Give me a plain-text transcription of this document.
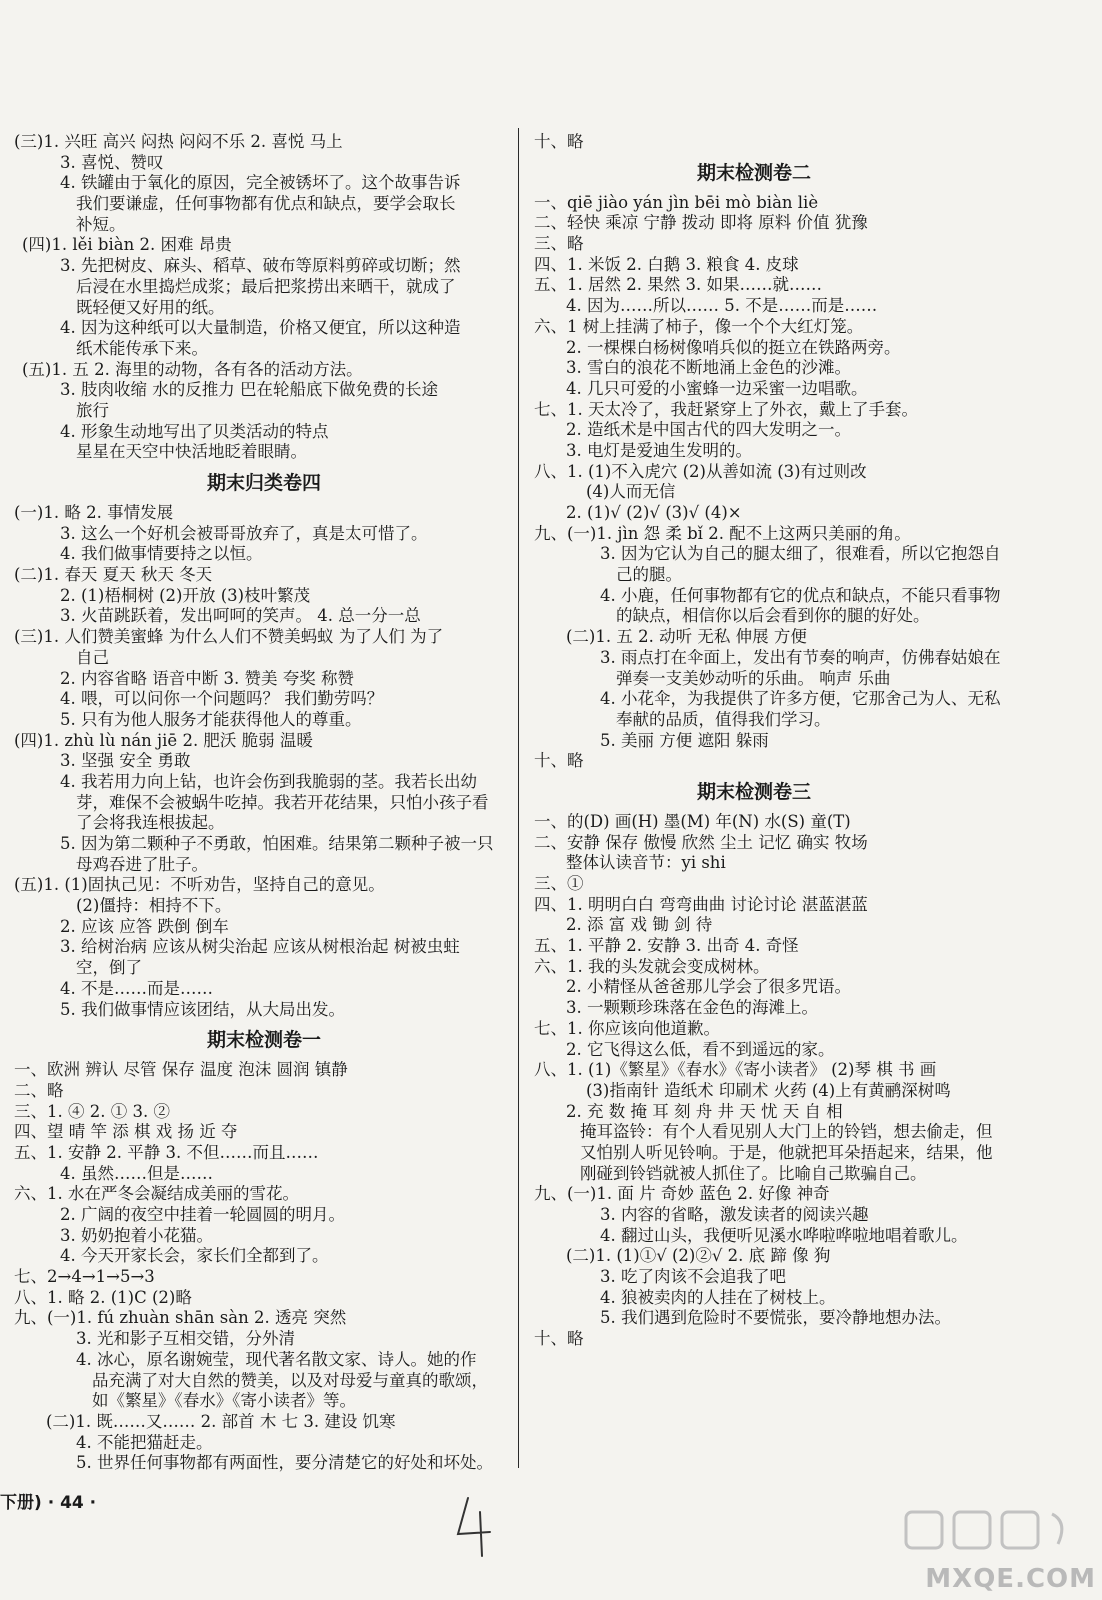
(三)1. 兴旺 高兴 闷热 闷闷不乐 2. 喜悦 马上
3. 喜悦、赞叹
4. 铁罐由于氧化的原因，完全被锈坏了。这个故事告诉
我们要谦虚，任何事物都有优点和缺点，要学会取长
补短。
(四)1. lěi biàn 2. 困难 昂贵
3. 先把树皮、麻头、稻草、破布等原料剪碎或切断；然
后浸在水里捣烂成浆；最后把浆捞出来晒干，就成了
既轻便又好用的纸。
4. 因为这种纸可以大量制造，价格又便宜，所以这种造
纸术能传承下来。
(五)1. 五 2. 海里的动物，各有各的活动方法。
3. 肢肉收缩 水的反推力 巴在轮船底下做免费的长途
旅行
4. 形象生动地写出了贝类活动的特点
星星在天空中快活地眨着眼睛。
期末归类卷四
(一)1. 略 2. 事情发展
3. 这么一个好机会被哥哥放弃了，真是太可惜了。
4. 我们做事情要持之以恒。
(二)1. 春天 夏天 秋天 冬天
2. (1)梧桐树 (2)开放 (3)枝叶繁茂
3. 火苗跳跃着，发出呵呵的笑声。 4. 总一分一总
(三)1. 人们赞美蜜蜂 为什么人们不赞美蚂蚁 为了人们 为了
自己
2. 内容省略 语音中断 3. 赞美 夸奖 称赞
4. 喂，可以问你一个问题吗？ 我们勤劳吗？
5. 只有为他人服务才能获得他人的尊重。
(四)1. zhù lù nán jiē 2. 肥沃 脆弱 温暖
3. 坚强 安全 勇敢
4. 我若用力向上钻，也许会伤到我脆弱的茎。我若长出幼
芽，难保不会被蜗牛吃掉。我若开花结果，只怕小孩子看
了会将我连根拔起。
5. 因为第二颗种子不勇敢，怕困难。结果第二颗种子被一只
母鸡吞进了肚子。
(五)1. (1)固执己见：不听劝告，坚持自己的意见。
(2)僵持：相持不下。
2. 应该 应答 跌倒 倒车
3. 给树治病 应该从树尖治起 应该从树根治起 树被虫蛀
空，倒了
4. 不是……而是……
5. 我们做事情应该团结，从大局出发。
期末检测卷一
一、欧洲 辨认 尽管 保存 温度 泡沫 圆润 镇静
二、略
三、1. ④ 2. ① 3. ②
四、望 晴 竿 添 棋 戏 扬 近 夺
五、1. 安静 2. 平静 3. 不但……而且……
4. 虽然……但是……
六、1. 水在严冬会凝结成美丽的雪花。
2. 广阔的夜空中挂着一轮圆圆的明月。
3. 奶奶抱着小花猫。
4. 今天开家长会，家长们全都到了。
七、2→4→1→5→3
八、1. 略 2. (1)C (2)略
九、(一)1. fú zhuàn shān sàn 2. 透亮 突然
3. 光和影子互相交错，分外清
4. 冰心，原名谢婉莹，现代著名散文家、诗人。她的作
品充满了对大自然的赞美，以及对母爱与童真的歌颂，
如《繁星》《春水》《寄小读者》等。
(二)1. 既……又…… 2. 部首 木 七 3. 建设 饥寒
4. 不能把猫赶走。
5. 世界任何事物都有两面性，要分清楚它的好处和坏处。
十、略
期末检测卷二
一、qiē jiào yán jìn bēi mò biàn liè
二、轻快 乘凉 宁静 拨动 即将 原料 价值 犹豫
三、略
四、1. 米饭 2. 白鹅 3. 粮食 4. 皮球
五、1. 居然 2. 果然 3. 如果……就……
4. 因为……所以…… 5. 不是……而是……
六、1 树上挂满了柿子，像一个个大红灯笼。
2. 一棵棵白杨树像哨兵似的挺立在铁路两旁。
3. 雪白的浪花不断地涌上金色的沙滩。
4. 几只可爱的小蜜蜂一边采蜜一边唱歌。
七、1. 天太冷了，我赶紧穿上了外衣，戴上了手套。
2. 造纸术是中国古代的四大发明之一。
3. 电灯是爱迪生发明的。
八、1. (1)不入虎穴 (2)从善如流 (3)有过则改
(4)人而无信
2. (1)√ (2)√ (3)√ (4)×
九、(一)1. jìn 怨 柔 bǐ 2. 配不上这两只美丽的角。
3. 因为它认为自己的腿太细了，很难看，所以它抱怨自
己的腿。
4. 小鹿，任何事物都有它的优点和缺点，不能只看事物
的缺点，相信你以后会看到你的腿的好处。
(二)1. 五 2. 动听 无私 伸展 方便
3. 雨点打在伞面上，发出有节奏的响声，仿佛春姑娘在
弹奏一支美妙动听的乐曲。 响声 乐曲
4. 小花伞，为我提供了许多方便，它那舍己为人、无私
奉献的品质，值得我们学习。
5. 美丽 方便 遮阳 躲雨
十、略
期末检测卷三
一、的(D) 画(H) 墨(M) 年(N) 水(S) 童(T)
二、安静 保存 傲慢 欣然 尘土 记忆 确实 牧场
整体认读音节：yi shi
三、①
四、1. 明明白白 弯弯曲曲 讨论讨论 湛蓝湛蓝
2. 添 富 戏 锄 剑 待
五、1. 平静 2. 安静 3. 出奇 4. 奇怪
六、1. 我的头发就会变成树林。
2. 小精怪从爸爸那儿学会了很多咒语。
3. 一颗颗珍珠落在金色的海滩上。
七、1. 你应该向他道歉。
2. 它飞得这么低，看不到遥远的家。
八、1. (1)《繁星》《春水》《寄小读者》 (2)琴 棋 书 画
(3)指南针 造纸术 印刷术 火药 (4)上有黄鹂深树鸣
2. 充 数 掩 耳 刻 舟 井 天 忧 天 自 相
掩耳盗铃：有个人看见别人大门上的铃铛，想去偷走，但
又怕别人听见铃响。于是，他就把耳朵捂起来，结果，他
刚碰到铃铛就被人抓住了。比喻自己欺骗自己。
九、(一)1. 面 片 奇妙 蓝色 2. 好像 神奇
3. 内容的省略，激发读者的阅读兴趣
4. 翻过山头，我便听见溪水哗啦哗啦地唱着歌儿。
(二)1. (1)①√ (2)②√ 2. 底 蹄 像 狗
3. 吃了肉该不会追我了吧
4. 狼被卖肉的人挂在了树枝上。
5. 我们遇到危险时不要慌张，要冷静地想办法。
十、略
下册) · 44 ·
MXQE.COM
